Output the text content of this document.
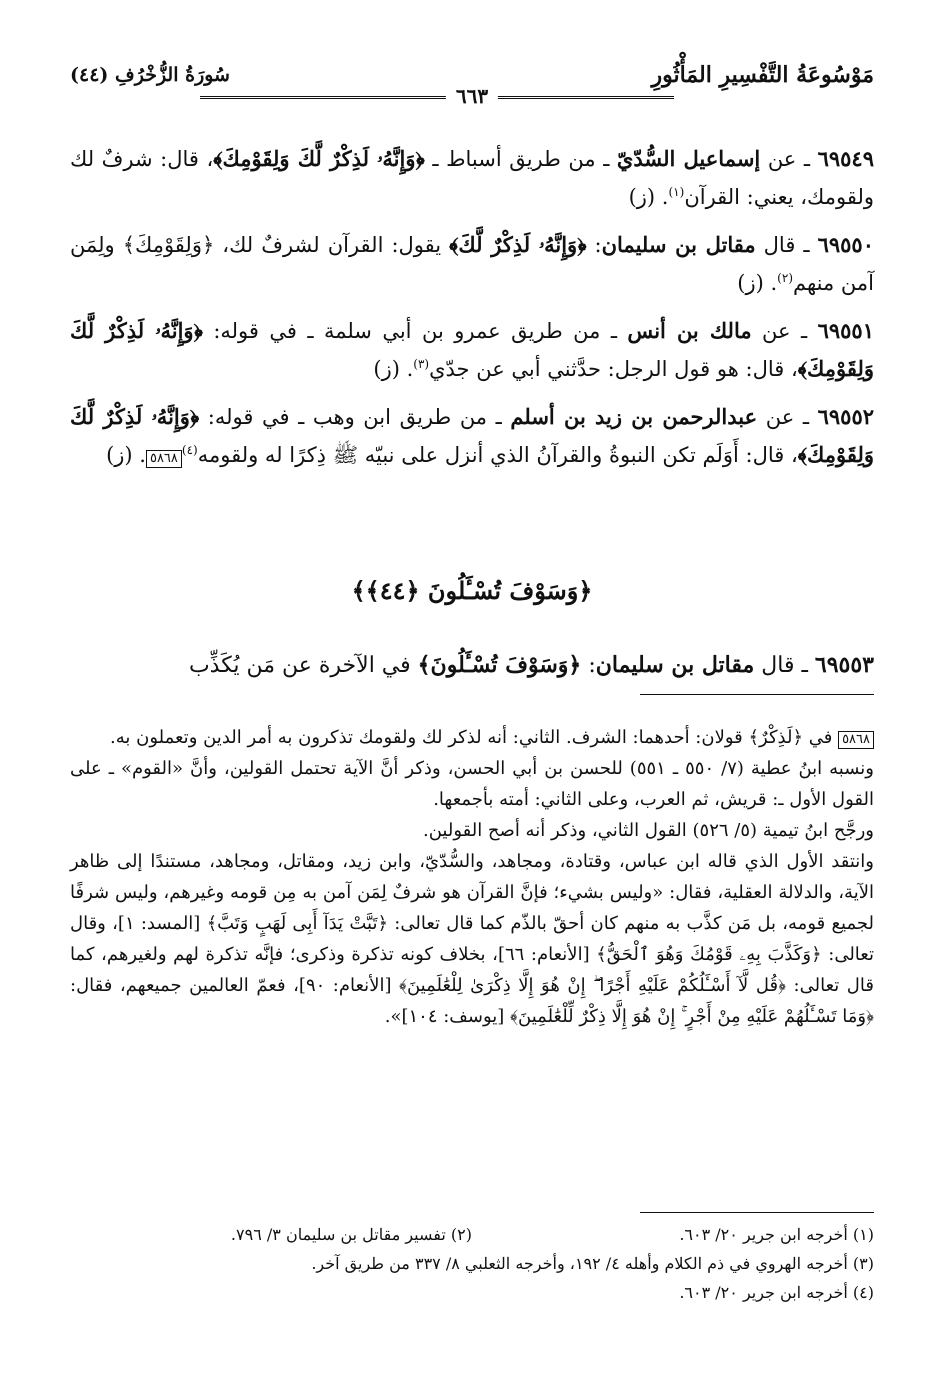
مَوْسُوعَةُ التَّفْسِيرِ المَأْثُورِ
٦٦٣
سُورَةُ الزُّخْرُفِ (٤٤)

٦٩٥٤٩ ـ عن إسماعيل السُّدّيّ ـ من طريق أسباط ـ ﴿وَإِنَّهُۥ لَذِكْرٌ لَّكَ وَلِقَوْمِكَ﴾، قال: شرفٌ لك ولقومك، يعني: القرآن$^{(١)}$. (ز)

٦٩٥٥٠ ـ قال مقاتل بن سليمان: ﴿وَإِنَّهُۥ لَذِكْرٌ لَّكَ﴾ يقول: القرآن لشرفٌ لك، ﴿وَلِقَوْمِكَ﴾ ولِمَن آمن منهم$^{(٢)}$. (ز)

٦٩٥٥١ ـ عن مالك بن أنس ـ من طريق عمرو بن أبي سلمة ـ في قوله: ﴿وَإِنَّهُۥ لَذِكْرٌ لَّكَ وَلِقَوْمِكَ﴾، قال: هو قول الرجل: حدَّثني أبي عن جدّي$^{(٣)}$. (ز)

٦٩٥٥٢ ـ عن عبدالرحمن بن زيد بن أسلم ـ من طريق ابن وهب ـ في قوله: ﴿وَإِنَّهُۥ لَذِكْرٌ لَّكَ وَلِقَوْمِكَ﴾، قال: أَوَلَم تكن النبوةُ والقرآنُ الذي أنزل على نبيّه ﷺ ذِكرًا له ولقومه$^{(٤)}$٥٨٦٨. (ز)

﴿وَسَوْفَ تُسْـَٔلُونَ ﴿٤٤﴾﴾
٦٩٥٥٣ ـ قال مقاتل بن سليمان: ﴿وَسَوْفَ تُسْـَٔلُونَ﴾ في الآخرة عن مَن يُكَذِّب

٥٨٦٨ في ﴿لَذِكْرٌ﴾ قولان: أحدهما: الشرف. الثاني: أنه لذكر لك ولقومك تذكرون به أمر الدين وتعملون به.

ونسبه ابنُ عطية (٧/ ٥٥٠ ـ ٥٥١) للحسن بن أبي الحسن، وذكر أنَّ الآية تحتمل القولين، وأنَّ «القوم» ـ على القول الأول ـ: قريش، ثم العرب، وعلى الثاني: أمته بأجمعها.

ورجَّح ابنُ تيمية (٥/ ٥٢٦) القول الثاني، وذكر أنه أصح القولين.

وانتقد الأول الذي قاله ابن عباس، وقتادة، ومجاهد، والسُّدّيّ، وابن زيد، ومقاتل، ومجاهد، مستندًا إلى ظاهر الآية، والدلالة العقلية، فقال: «وليس بشيء؛ فإنَّ القرآن هو شرفٌ لِمَن آمن به مِن قومه وغيرهم، وليس شرفًا لجميع قومه، بل مَن كذَّب به منهم كان أحقّ بالذّم كما قال تعالى: ﴿تَبَّتْ يَدَآ أَبِى لَهَبٍ وَتَبَّ﴾ [المسد: ١]، وقال تعالى: ﴿وَكَذَّبَ بِهِۦ قَوْمُكَ وَهُوَ ٱلْحَقُّ﴾ [الأنعام: ٦٦]، بخلاف كونه تذكرة وذكرى؛ فإنَّه تذكرة لهم ولغيرهم، كما قال تعالى: ﴿قُل لَّآ أَسْـَٔلُكُمْ عَلَيْهِ أَجْرًا ۖ إِنْ هُوَ إِلَّا ذِكْرَىٰ لِلْعَٰلَمِينَ﴾ [الأنعام: ٩٠]، فعمّ العالمين جميعهم، فقال: ﴿وَمَا تَسْـَٔلُهُمْ عَلَيْهِ مِنْ أَجْرٍ ۚ إِنْ هُوَ إِلَّا ذِكْرٌ لِّلْعَٰلَمِينَ﴾ [يوسف: ١٠٤]».

(١) أخرجه ابن جرير ٢٠/ ٦٠٣.
(٢) تفسير مقاتل بن سليمان ٣/ ٧٩٦.
(٣) أخرجه الهروي في ذم الكلام وأهله ٤/ ١٩٢، وأخرجه الثعلبي ٨/ ٣٣٧ من طريق آخر.
(٤) أخرجه ابن جرير ٢٠/ ٦٠٣.
